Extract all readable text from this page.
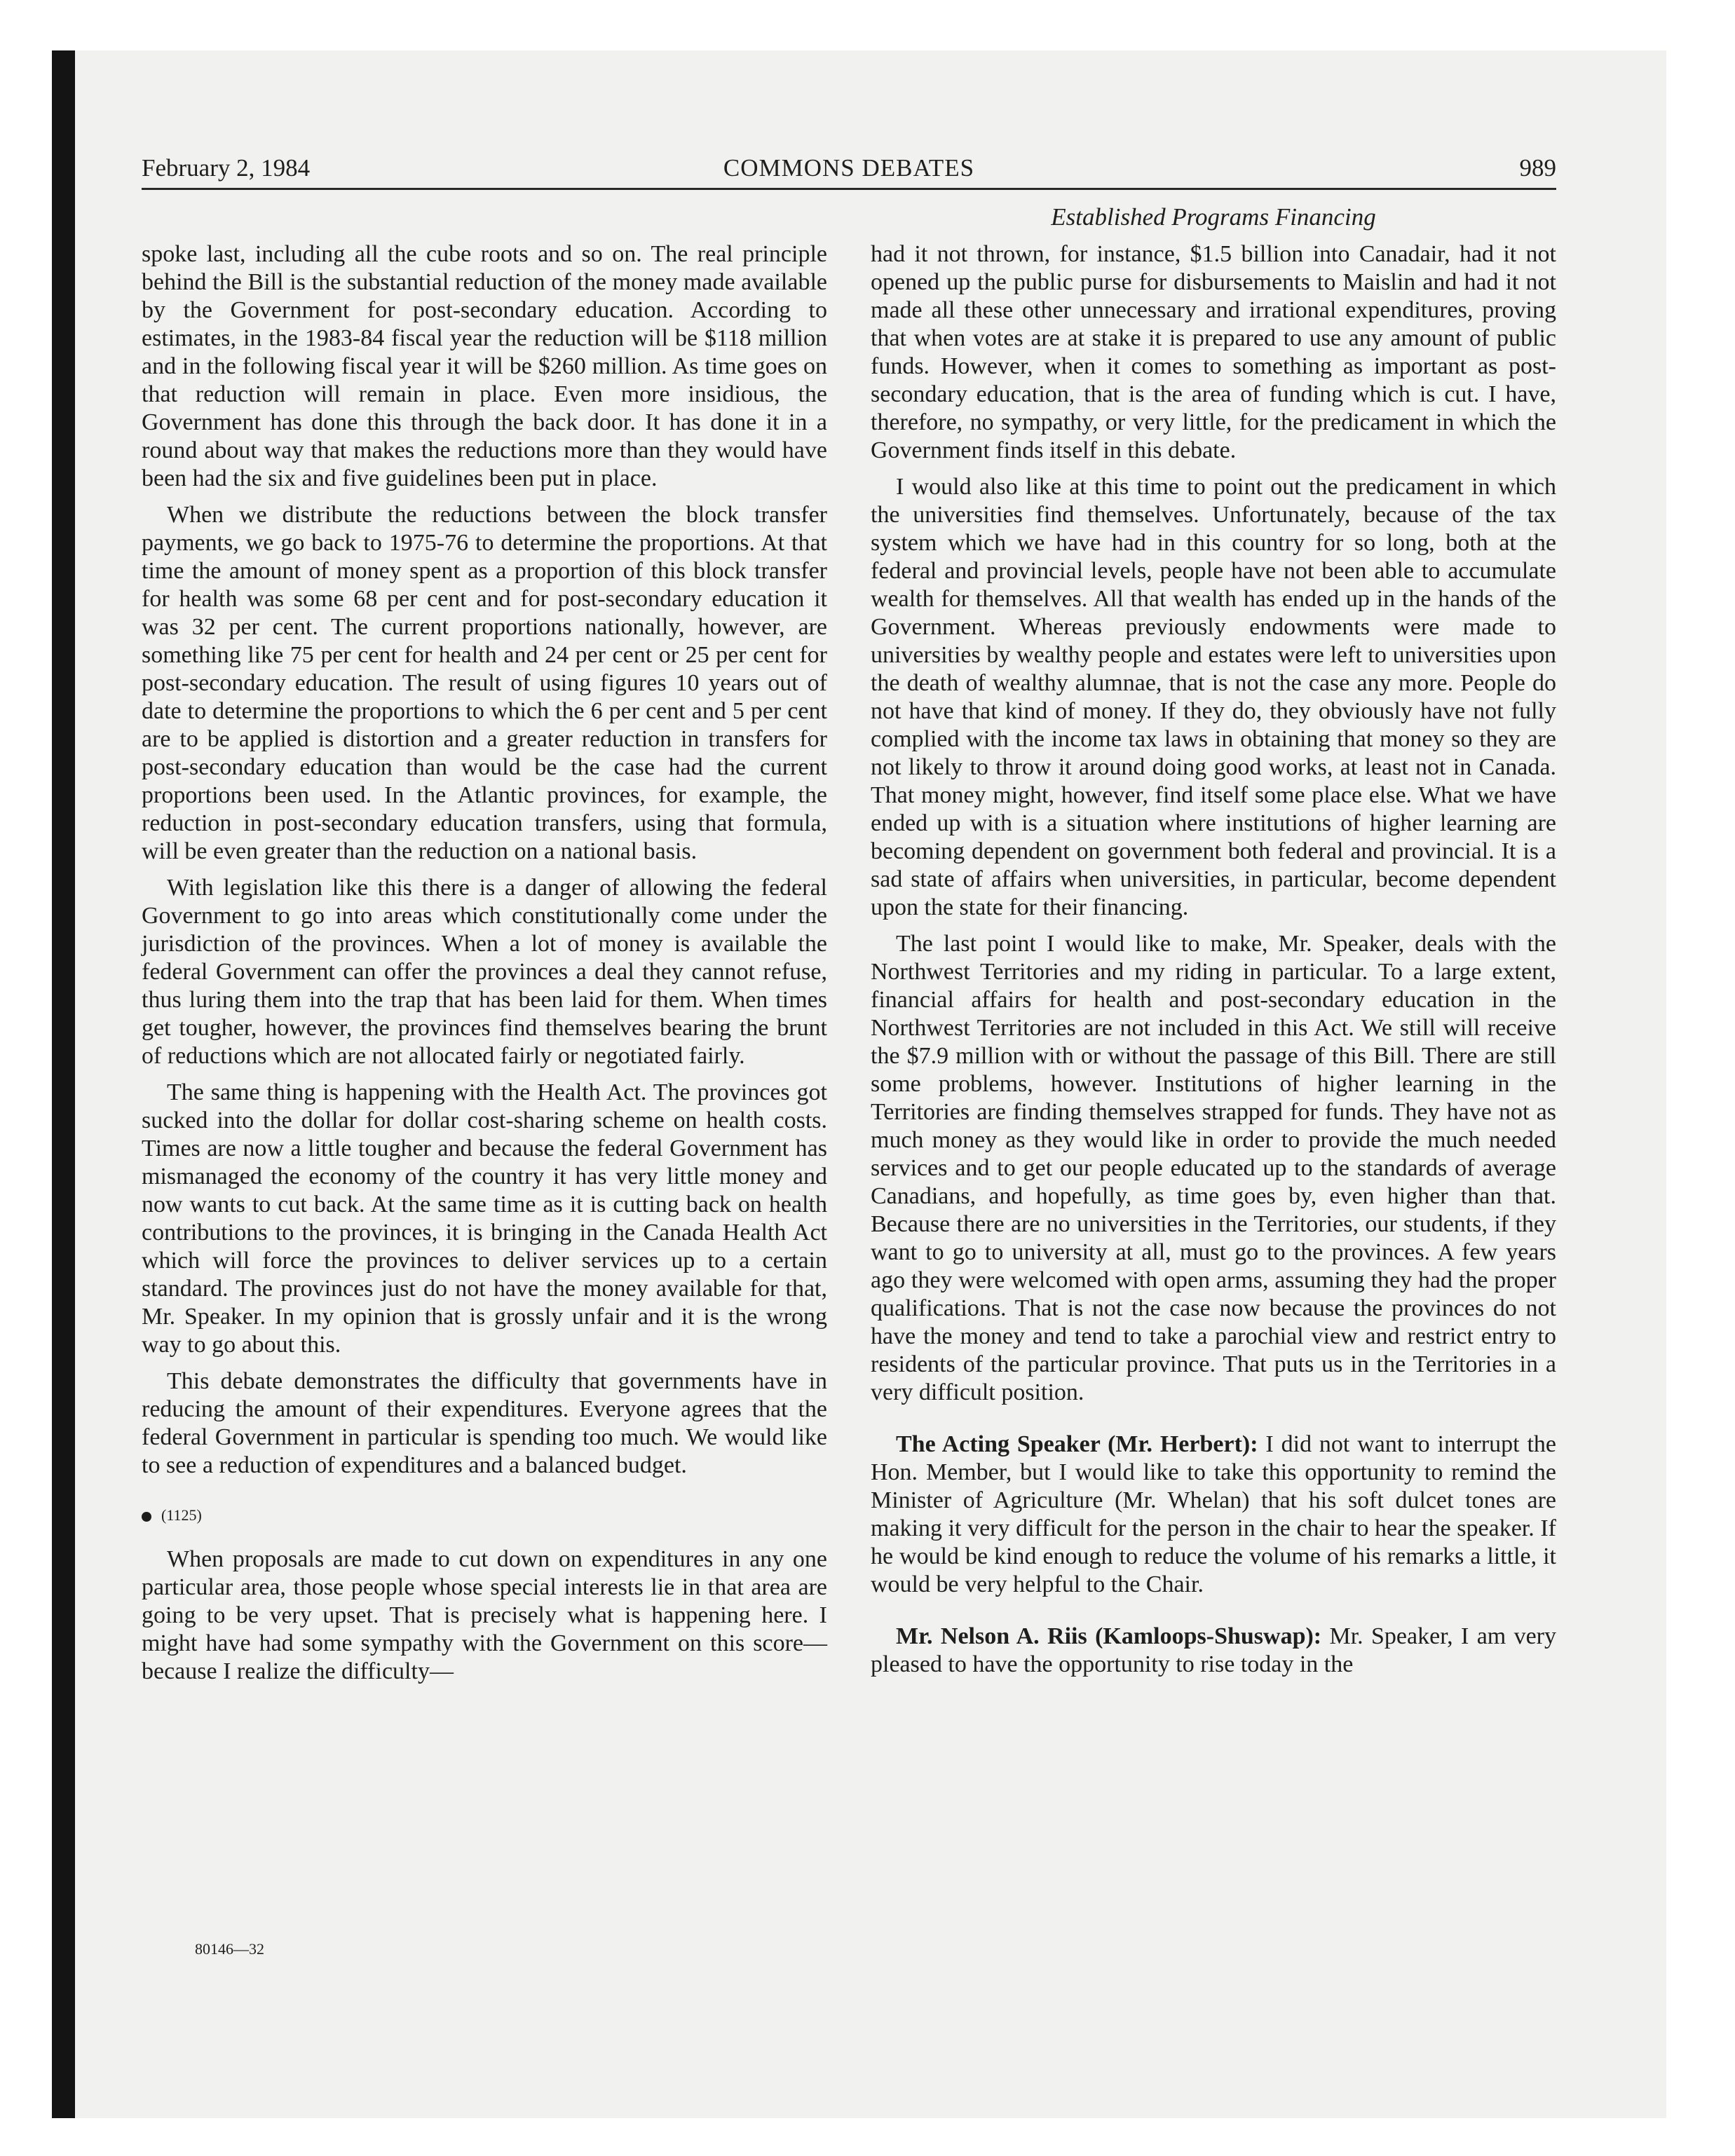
February 2, 1984	COMMONS DEBATES	989
Established Programs Financing

spoke last, including all the cube roots and so on. The real principle behind the Bill is the substantial reduction of the money made available by the Government for post-secondary education. According to estimates, in the 1983-84 fiscal year the reduction will be $118 million and in the following fiscal year it will be $260 million. As time goes on that reduction will remain in place. Even more insidious, the Government has done this through the back door. It has done it in a round about way that makes the reductions more than they would have been had the six and five guidelines been put in place.

When we distribute the reductions between the block transfer payments, we go back to 1975-76 to determine the proportions. At that time the amount of money spent as a proportion of this block transfer for health was some 68 per cent and for post-secondary education it was 32 per cent. The current proportions nationally, however, are something like 75 per cent for health and 24 per cent or 25 per cent for post-secondary education. The result of using figures 10 years out of date to determine the proportions to which the 6 per cent and 5 per cent are to be applied is distortion and a greater reduction in transfers for post-secondary education than would be the case had the current proportions been used. In the Atlantic provinces, for example, the reduction in post-secondary education transfers, using that formula, will be even greater than the reduction on a national basis.

With legislation like this there is a danger of allowing the federal Government to go into areas which constitutionally come under the jurisdiction of the provinces. When a lot of money is available the federal Government can offer the provinces a deal they cannot refuse, thus luring them into the trap that has been laid for them. When times get tougher, however, the provinces find themselves bearing the brunt of reductions which are not allocated fairly or negotiated fairly.

The same thing is happening with the Health Act. The provinces got sucked into the dollar for dollar cost-sharing scheme on health costs. Times are now a little tougher and because the federal Government has mismanaged the economy of the country it has very little money and now wants to cut back. At the same time as it is cutting back on health contributions to the provinces, it is bringing in the Canada Health Act which will force the provinces to deliver services up to a certain standard. The provinces just do not have the money available for that, Mr. Speaker. In my opinion that is grossly unfair and it is the wrong way to go about this.

This debate demonstrates the difficulty that governments have in reducing the amount of their expenditures. Everyone agrees that the federal Government in particular is spending too much. We would like to see a reduction of expenditures and a balanced budget.

(1125)

When proposals are made to cut down on expenditures in any one particular area, those people whose special interests lie in that area are going to be very upset. That is precisely what is happening here. I might have had some sympathy with the Government on this score—because I realize the difficulty—

had it not thrown, for instance, $1.5 billion into Canadair, had it not opened up the public purse for disbursements to Maislin and had it not made all these other unnecessary and irrational expenditures, proving that when votes are at stake it is prepared to use any amount of public funds. However, when it comes to something as important as post-secondary education, that is the area of funding which is cut. I have, therefore, no sympathy, or very little, for the predicament in which the Government finds itself in this debate.

I would also like at this time to point out the predicament in which the universities find themselves. Unfortunately, because of the tax system which we have had in this country for so long, both at the federal and provincial levels, people have not been able to accumulate wealth for themselves. All that wealth has ended up in the hands of the Government. Whereas previously endowments were made to universities by wealthy people and estates were left to universities upon the death of wealthy alumnae, that is not the case any more. People do not have that kind of money. If they do, they obviously have not fully complied with the income tax laws in obtaining that money so they are not likely to throw it around doing good works, at least not in Canada. That money might, however, find itself some place else. What we have ended up with is a situation where institutions of higher learning are becoming dependent on government both federal and provincial. It is a sad state of affairs when universities, in particular, become dependent upon the state for their financing.

The last point I would like to make, Mr. Speaker, deals with the Northwest Territories and my riding in particular. To a large extent, financial affairs for health and post-secondary education in the Northwest Territories are not included in this Act. We still will receive the $7.9 million with or without the passage of this Bill. There are still some problems, however. Institutions of higher learning in the Territories are finding themselves strapped for funds. They have not as much money as they would like in order to provide the much needed services and to get our people educated up to the standards of average Canadians, and hopefully, as time goes by, even higher than that. Because there are no universities in the Territories, our students, if they want to go to university at all, must go to the provinces. A few years ago they were welcomed with open arms, assuming they had the proper qualifications. That is not the case now because the provinces do not have the money and tend to take a parochial view and restrict entry to residents of the particular province. That puts us in the Territories in a very difficult position.

The Acting Speaker (Mr. Herbert): I did not want to interrupt the Hon. Member, but I would like to take this opportunity to remind the Minister of Agriculture (Mr. Whelan) that his soft dulcet tones are making it very difficult for the person in the chair to hear the speaker. If he would be kind enough to reduce the volume of his remarks a little, it would be very helpful to the Chair.

Mr. Nelson A. Riis (Kamloops-Shuswap): Mr. Speaker, I am very pleased to have the opportunity to rise today in the

80146—32
